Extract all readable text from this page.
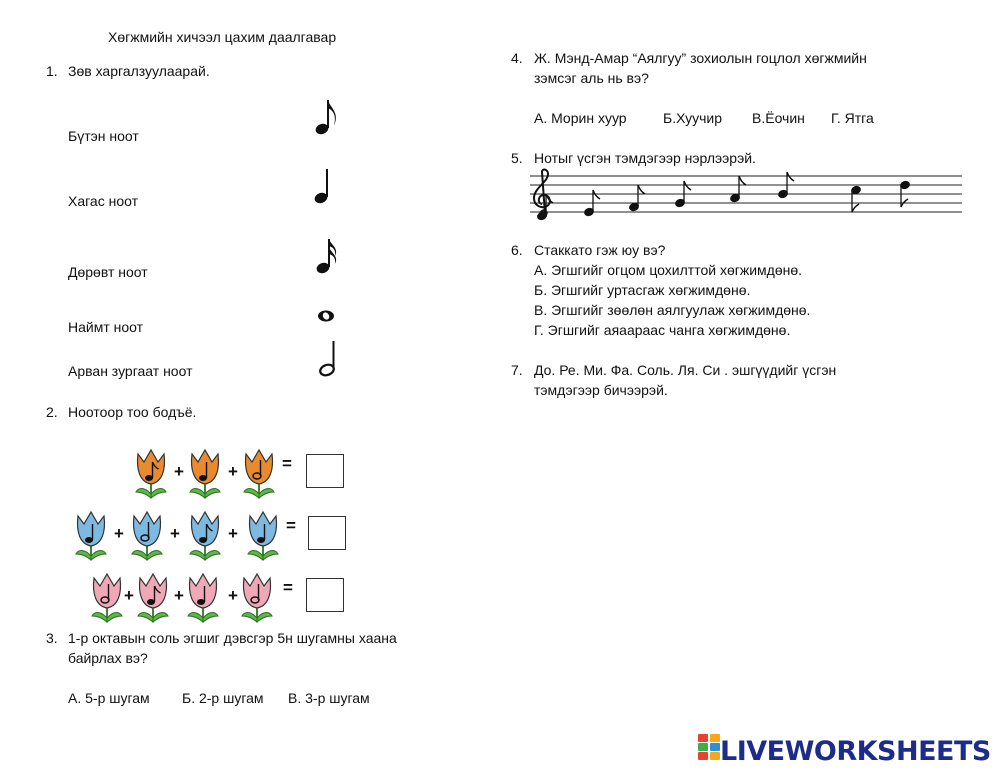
Хөгжмийн хичээл цахим даалгавар
1. Зөв харгалзуулаарай.
Бүтэн ноот
Хагас ноот
Дөрөвт ноот
Наймт ноот
Арван зургаат ноот
2. Ноотоор тоо бодъё.
+	+	=
+	+	+	=
+ +	+	=
3. 1-р октавын соль эгшиг дэвсгэр 5н шугамны хаана
байрлах вэ?
А. 5-р шугам Б. 2-р шугам В. 3-р шугам
4. Ж. Мэнд-Амар “Аялгуу” зохиолын гоцлол хөгжмийн
зэмсэг аль нь вэ?
А. Морин хуур	Б.Хуучир В.Ёочин Г. Ятга
5. Нотыг үсгэн тэмдэгээр нэрлээрэй.
6. Стаккато гэж юу вэ?
А. Эгшгийг огцом цохилттой хөгжимдөнө.
Б. Эгшгийг уртасгаж хөгжимдөнө.
В. Эгшгийг зөөлөн аялгуулаж хөгжимдөнө.
Г. Эгшгийг аяаараас чанга хөгжимдөнө.
7. До. Ре. Ми. Фа. Соль. Ля. Си . эшгүүдийг үсгэн
тэмдэгээр бичээрэй.
LIVEWORKSHEETS
